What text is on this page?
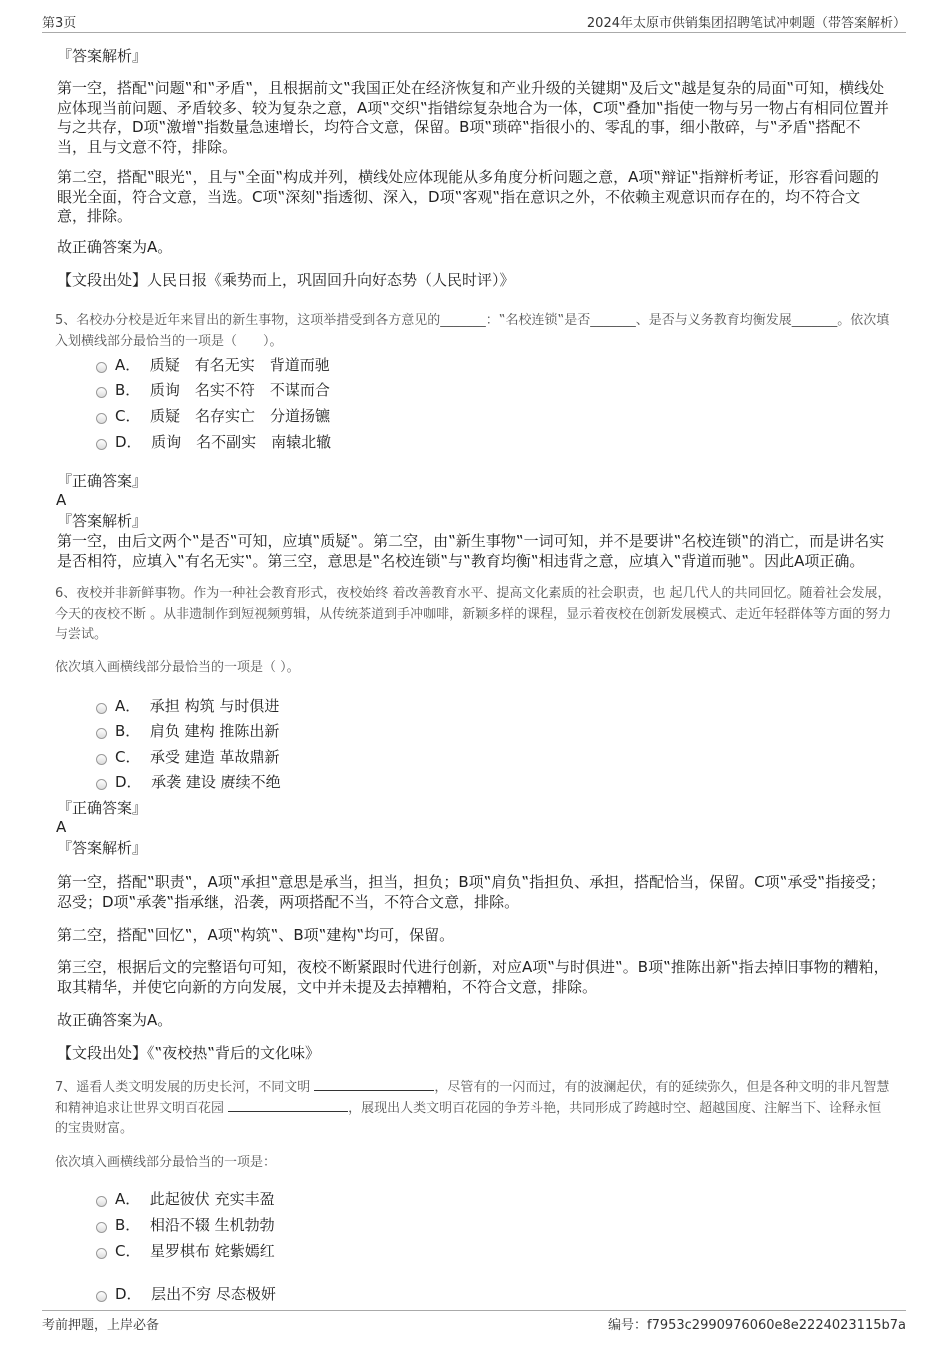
第3页	2024年太原市供销集团招聘笔试冲刺题（带答案解析）
『答案解析』
第一空，搭配‟问题‟和‟矛盾‟，且根据前文‟我国正处在经济恢复和产业升级的关键期‟及后文‟越是复杂的局面‟可知，横线处应体现当前问题、矛盾较多、较为复杂之意，A项‟交织‟指错综复杂地合为一体，C项‟叠加‟指使一物与另一物占有相同位置并与之共存，D项‟激增‟指数量急速增长，均符合文意，保留。B项‟琐碎‟指很小的、零乱的事，细小散碎，与‟矛盾‟搭配不当，且与文意不符，排除。
第二空，搭配‟眼光‟，且与‟全面‟构成并列，横线处应体现能从多角度分析问题之意，A项‟辩证‟指辩析考证，形容看问题的眼光全面，符合文意，当选。C项‟深刻‟指透彻、深入，D项‟客观‟指在意识之外，不依赖主观意识而存在的，均不符合文意，排除。
故正确答案为A。
【文段出处】人民日报《乘势而上，巩固回升向好态势（人民时评）》
5、名校办分校是近年来冒出的新生事物，这项举措受到各方意见的_______：‟名校连锁‟是否_______、是否与义务教育均衡发展_______。依次填入划横线部分最恰当的一项是（　　）。
A．  质疑　有名无实　背道而驰
B．  质询　名实不符　不谋而合
C．  质疑　名存实亡　分道扬镳
D．  质询　名不副实　南辕北辙
『正确答案』
A
『答案解析』
第一空，由后文两个‟是否‟可知，应填‟质疑‟。第二空，由‟新生事物‟一词可知，并不是要讲‟名校连锁‟的消亡，而是讲名实是否相符，应填入‟有名无实‟。第三空，意思是‟名校连锁‟与‟教育均衡‟相违背之意，应填入‟背道而驰‟。因此A项正确。
6、夜校并非新鲜事物。作为一种社会教育形式，夜校始终 着改善教育水平、提高文化素质的社会职责，也 起几代人的共同回忆。随着社会发展，今天的夜校不断 。从非遗制作到短视频剪辑，从传统茶道到手冲咖啡，新颖多样的课程，显示着夜校在创新发展模式、走近年轻群体等方面的努力与尝试。
依次填入画横线部分最恰当的一项是（ ）。
A．  承担 构筑 与时俱进
B．  肩负 建构 推陈出新
C．  承受 建造 革故鼎新
D．  承袭 建设 赓续不绝
『正确答案』
A
『答案解析』
第一空，搭配‟职责‟，A项‟承担‟意思是承当，担当，担负；B项‟肩负‟指担负、承担，搭配恰当，保留。C项‟承受‟指接受；忍受；D项‟承袭‟指承继，沿袭，两项搭配不当，不符合文意，排除。
第二空，搭配‟回忆‟，A项‟构筑‟、B项‟建构‟均可，保留。
第三空，根据后文的完整语句可知，夜校不断紧跟时代进行创新，对应A项‟与时俱进‟。B项‟推陈出新‟指去掉旧事物的糟粕，取其精华，并使它向新的方向发展，文中并未提及去掉糟粕，不符合文意，排除。
故正确答案为A。
【文段出处】《‟夜校热‟背后的文化味》
7、遥看人类文明发展的历史长河，不同文明	，尽管有的一闪而过，有的波澜起伏，有的延续弥久，但是各种文明的非凡智慧和精神追求让世界文明百花园	，展现出人类文明百花园的争芳斗艳，共同形成了跨越时空、超越国度、注解当下、诠释永恒的宝贵财富。
依次填入画横线部分最恰当的一项是：
A．  此起彼伏 充实丰盈
B．  相沿不辍 生机勃勃
C．  星罗棋布 姹紫嫣红
D．  层出不穷 尽态极妍
考前押题，上岸必备	编号：f7953c2990976060e8e2224023115b7a
